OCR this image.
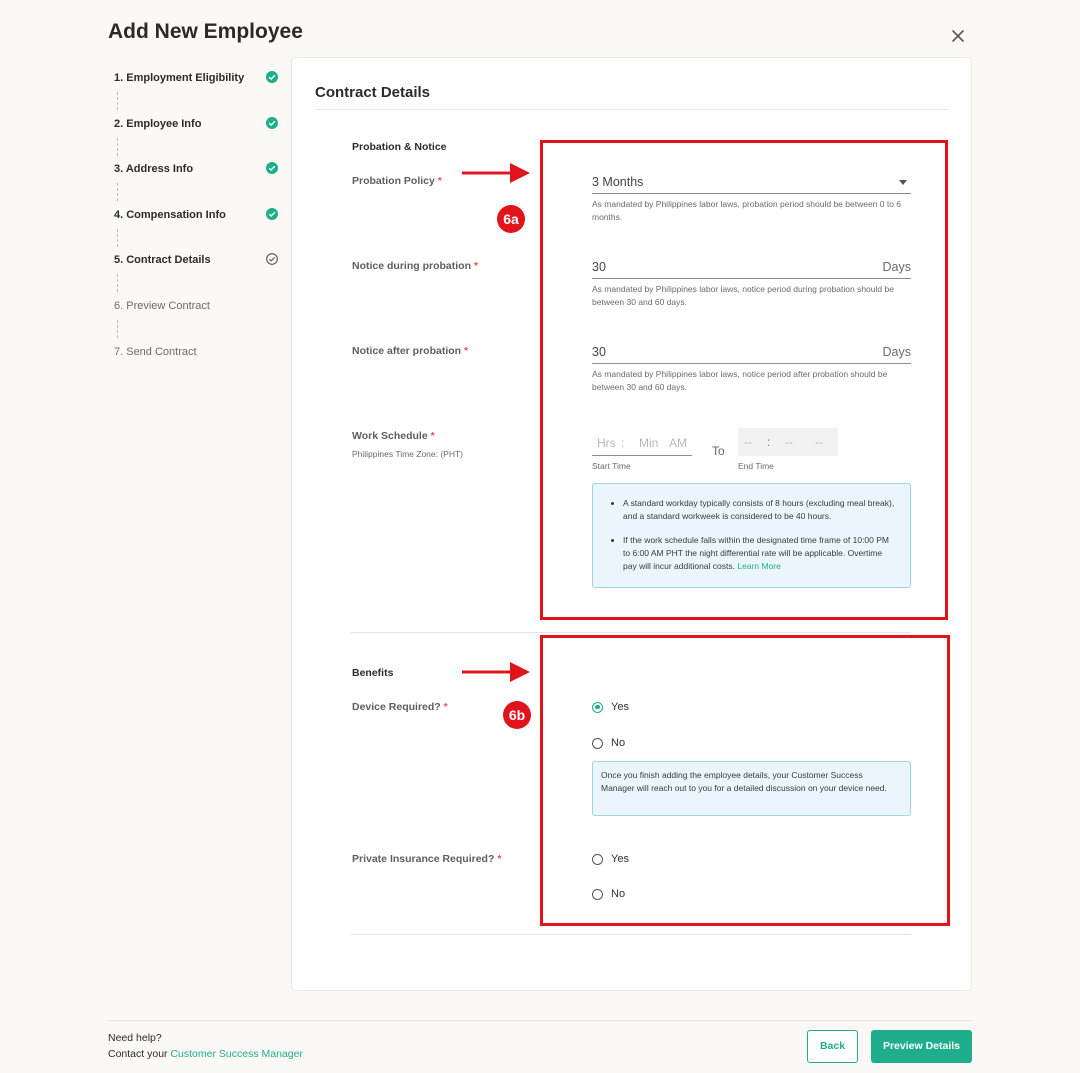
Add New Employee
1. Employment Eligibility
2. Employee Info
3. Address Info
4. Compensation Info
5. Contract Details
6. Preview Contract
7. Send Contract
Contract Details
Probation & Notice
Probation Policy *	3 Months
As mandated by Philippines labor laws, probation period should be between 0 to 6 months.
Notice during probation *	30	Days
As mandated by Philippines labor laws, notice period during probation should be between 30 and 60 days.
Notice after probation *	30	Days
As mandated by Philippines labor laws, notice period after probation should be between 30 and 60 days.
Work Schedule *
Philippines Time Zone: (PHT)
Hrs : Min AM
To
-- : -- --
Start Time	End Time
• A standard workday typically consists of 8 hours (excluding meal break), and a standard workweek is considered to be 40 hours.
• If the work schedule falls within the designated time frame of 10:00 PM to 6:00 AM PHT the night differential rate will be applicable. Overtime pay will incur additional costs. Learn More
Benefits
Device Required? *	Yes
No
Once you finish adding the employee details, your Customer Success Manager will reach out to you for a detailed discussion on your device need.
Private Insurance Required? *	Yes
No
6a
6b
Need help?
Contact your Customer Success Manager
Back	Preview Details
